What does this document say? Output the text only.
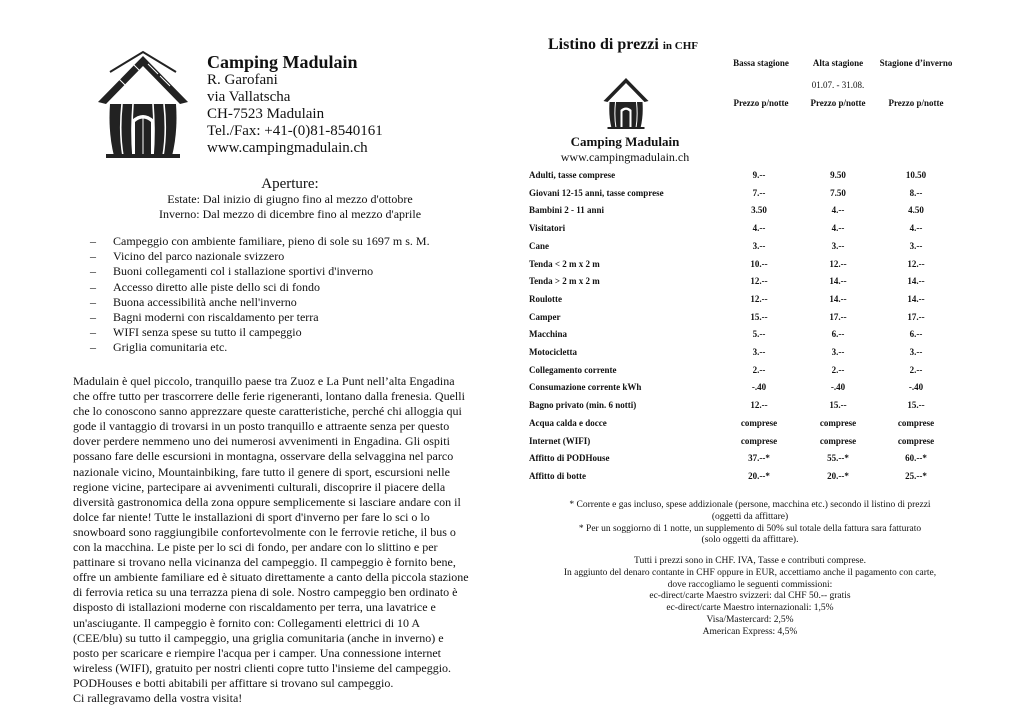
Camping Madulain
R. Garofani
via Vallatscha
CH-7523 Madulain
Tel./Fax: +41-(0)81-8540161
www.campingmadulain.ch
Aperture:
Estate: Dal inizio di giugno fino al mezzo d'ottobre
Inverno: Dal mezzo di dicembre fino al mezzo d'aprile
–	Campeggio con ambiente familiare, pieno di sole su 1697 m s. M.
–	Vicino del parco nazionale svizzero
–	Buoni collegamenti col i stallazione sportivi d'inverno
–	Accesso diretto alle piste dello sci di fondo
–	Buona accessibilità anche nell'inverno
–	Bagni moderni con riscaldamento per terra
–	WIFI senza spese su tutto il campeggio
–	Griglia comunitaria etc.
Madulain è quel piccolo, tranquillo paese tra Zuoz e La Punt nell’alta Engadina
che offre tutto per trascorrere delle ferie rigeneranti, lontano dalla frenesia. Quelli
che lo conoscono sanno apprezzare queste caratteristiche, perché chi alloggia qui
gode il vantaggio di trovarsi in un posto tranquillo e attraente senza per questo
dover perdere nemmeno uno dei numerosi avvenimenti in Engadina. Gli ospiti
possano fare delle escursioni in montagna, osservare della selvaggina nel parco
nazionale vicino, Mountainbiking, fare tutto il genere di sport, escursioni nelle
regione vicine, partecipare ai avvenimenti culturali, discoprire il piacere della
diversità gastronomica della zona oppure semplicemente si lasciare andare con il
dolce far niente! Tutte le installazioni di sport d'inverno per fare lo sci o lo
snowboard sono raggiungibile confortevolmente con le ferrovie retiche, il bus o
con la macchina. Le piste per lo sci di fondo, per andare con lo slittino e per
pattinare si trovano nella vicinanza del campeggio. Il campeggio è fornito bene,
offre un ambiente familiare ed è situato direttamente a canto della piccola stazione
di ferrovia retica su una terrazza piena di sole. Nostro campeggio ben ordinato è
disposto di istallazioni moderne con riscaldamento per terra, una lavatrice e
un'asciugante. Il campeggio è fornito con: Collegamenti elettrici di 10 A
(CEE/blu) su tutto il campeggio, una griglia comunitaria (anche in inverno) e
posto per scaricare e riempire l'acqua per i camper. Una connessione internet
wireless (WIFI), gratuito per nostri clienti copre tutto l'insieme del campeggio.
PODHouses e botti abitabili per affittare si trovano sul campeggio.
Ci rallegravamo della vostra visita!
Listino di prezzi in CHF
Bassa stagione	Alta stagione	Stagione d’inverno
01.07. - 31.08.
Prezzo p/notte	Prezzo p/notte	Prezzo p/notte
Camping Madulain
www.campingmadulain.ch
Adulti, tasse comprese	9.--	9.50	10.50
Giovani 12-15 anni, tasse comprese	7.--	7.50	8.--
Bambini 2 - 11 anni	3.50	4.--	4.50
Visitatori	4.--	4.--	4.--
Cane	3.--	3.--	3.--
Tenda < 2 m x 2 m	10.--	12.--	12.--
Tenda > 2 m x 2 m	12.--	14.--	14.--
Roulotte	12.--	14.--	14.--
Camper	15.--	17.--	17.--
Macchina	5.--	6.--	6.--
Motocicletta	3.--	3.--	3.--
Collegamento corrente	2.--	2.--	2.--
Consumazione corrente kWh	-.40	-.40	-.40
Bagno privato (min. 6 notti)	12.--	15.--	15.--
Acqua calda e docce	comprese	comprese	comprese
Internet (WIFI)	comprese	comprese	comprese
Affitto di PODHouse	37.--*	55.--*	60.--*
Affitto di botte	20.--*	20.--*	25.--*
* Corrente e gas incluso, spese addizionale (persone, macchina etc.) secondo il listino di prezzi
(oggetti da affittare)
* Per un soggiorno di 1 notte, un supplemento di 50% sul totale della fattura sara fatturato
(solo oggetti da affittare).
Tutti i prezzi sono in CHF. IVA, Tasse e contributi comprese.
In aggiunto del denaro contante in CHF oppure in EUR, accettiamo anche il pagamento con carte,
dove raccogliamo le seguenti commissioni:
ec-direct/carte Maestro svizzeri: dal CHF 50.-- gratis
ec-direct/carte Maestro internazionali: 1,5%
Visa/Mastercard: 2,5%
American Express: 4,5%
